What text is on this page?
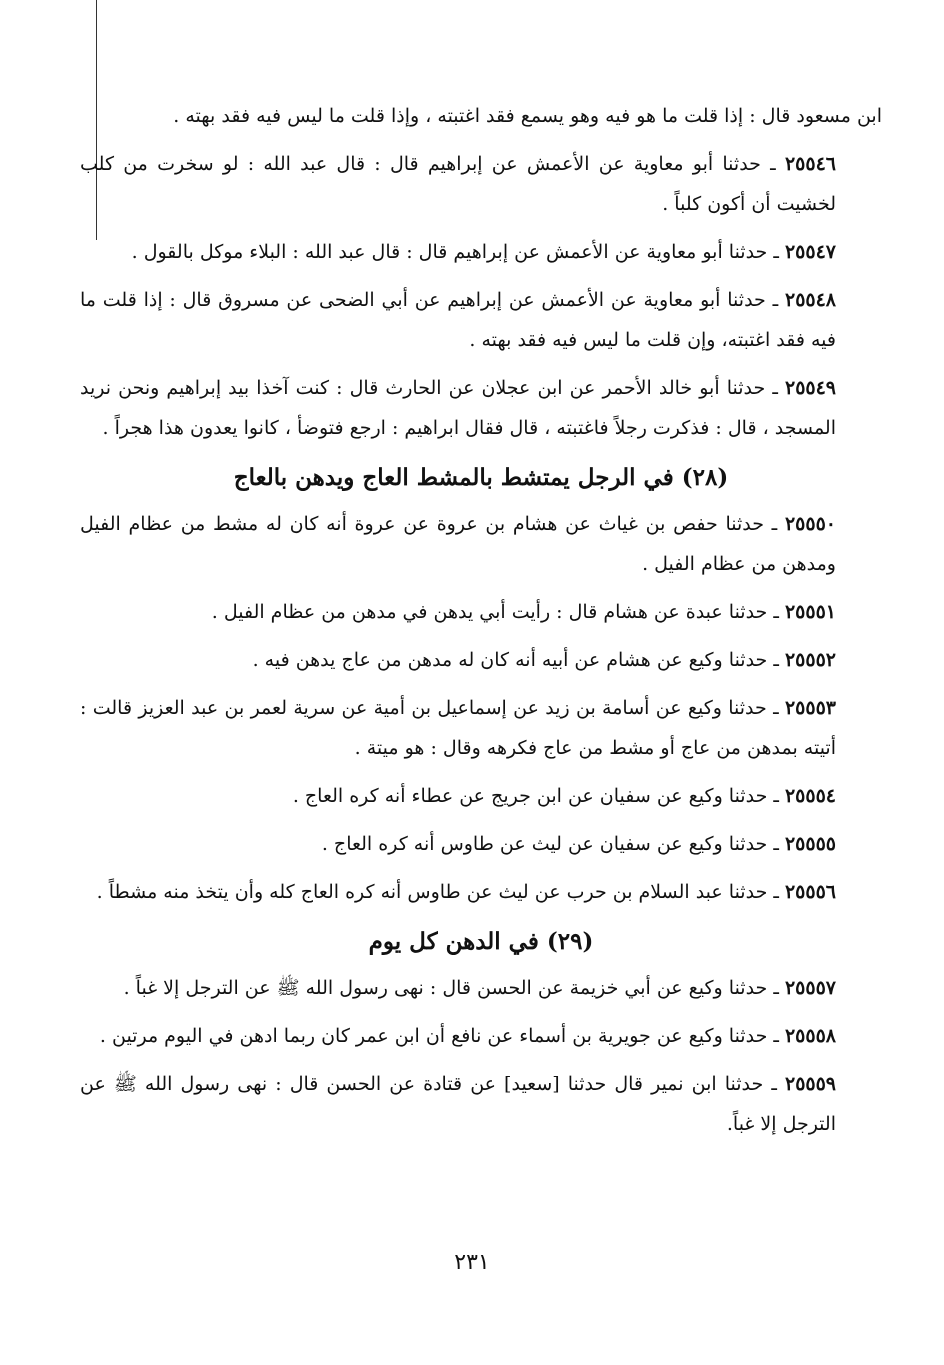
ابن مسعود قال : إذا قلت ما هو فيه وهو يسمع فقد اغتبته ، وإذا قلت ما ليس فيه فقد بهته .

٢٥٥٤٦ ـ حدثنا أبو معاوية عن الأعمش عن إبراهيم قال : قال عبد الله : لو سخرت من كلب لخشيت أن أكون كلباً .

٢٥٥٤٧ ـ حدثنا أبو معاوية عن الأعمش عن إبراهيم قال : قال عبد الله : البلاء موكل بالقول .

٢٥٥٤٨ ـ حدثنا أبو معاوية عن الأعمش عن إبراهيم عن أبي الضحى عن مسروق قال : إذا قلت ما فيه فقد اغتبته، وإن قلت ما ليس فيه فقد بهته .

٢٥٥٤٩ ـ حدثنا أبو خالد الأحمر عن ابن عجلان عن الحارث قال : كنت آخذا بيد إبراهيم ونحن نريد المسجد ، قال : فذكرت رجلاً فاغتبته ، قال فقال ابراهيم : ارجع فتوضأ ، كانوا يعدون هذا هجراً .

(٢٨) في الرجل يمتشط بالمشط العاج ويدهن بالعاج

٢٥٥٥٠ ـ حدثنا حفص بن غياث عن هشام بن عروة عن عروة أنه كان له مشط من عظام الفيل ومدهن من عظام الفيل .

٢٥٥٥١ ـ حدثنا عبدة عن هشام قال : رأيت أبي يدهن في مدهن من عظام الفيل .

٢٥٥٥٢ ـ حدثنا وكيع عن هشام عن أبيه أنه كان له مدهن من عاج يدهن فيه .

٢٥٥٥٣ ـ حدثنا وكيع عن أسامة بن زيد عن إسماعيل بن أمية عن سرية لعمر بن عبد العزيز قالت : أتيته بمدهن من عاج أو مشط من عاج فكرهه وقال : هو ميتة .

٢٥٥٥٤ ـ حدثنا وكيع عن سفيان عن ابن جريج عن عطاء أنه كره العاج .

٢٥٥٥٥ ـ حدثنا وكيع عن سفيان عن ليث عن طاوس أنه كره العاج .

٢٥٥٥٦ ـ حدثنا عبد السلام بن حرب عن ليث عن طاوس أنه كره العاج كله وأن يتخذ منه مشطاً .

(٢٩) في الدهن كل يوم

٢٥٥٥٧ ـ حدثنا وكيع عن أبي خزيمة عن الحسن قال : نهى رسول الله ﷺ عن الترجل إلا غباً .

٢٥٥٥٨ ـ حدثنا وكيع عن جويرية بن أسماء عن نافع أن ابن عمر كان ربما ادهن في اليوم مرتين .

٢٥٥٥٩ ـ حدثنا ابن نمير قال حدثنا [سعيد] عن قتادة عن الحسن قال : نهى رسول الله ﷺ عن الترجل إلا غباً.

٢٣١
